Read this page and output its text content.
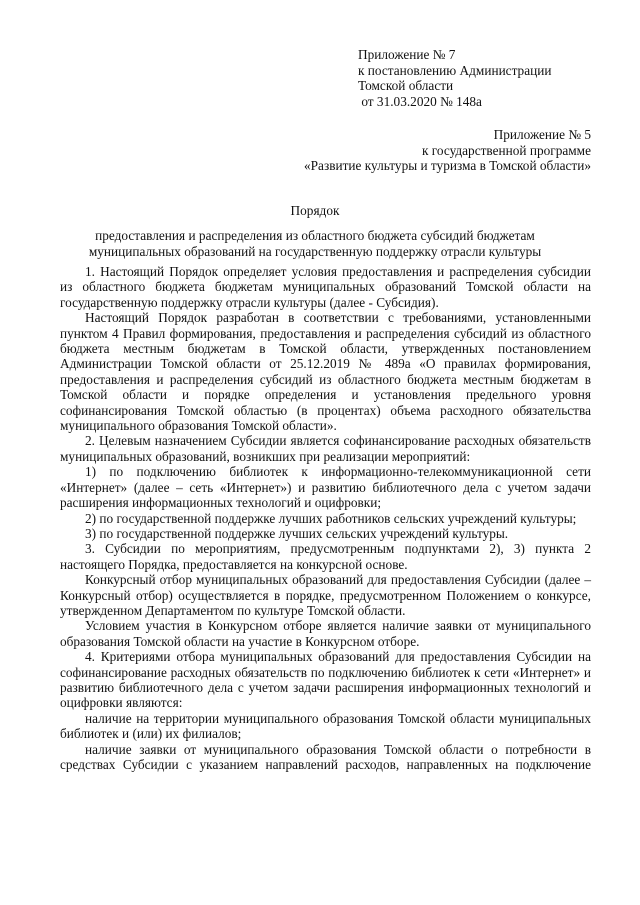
Приложение № 7
к постановлению Администрации
Томской области
от 31.03.2020 № 148а
Приложение № 5
к государственной программе
«Развитие культуры и туризма в Томской области»
Порядок
предоставления и распределения из областного бюджета субсидий бюджетам
муниципальных образований на государственную поддержку отрасли культуры

1. Настоящий Порядок определяет условия предоставления и распределения субсидии из областного бюджета бюджетам муниципальных образований Томской области на государственную поддержку отрасли культуры (далее - Субсидия).

Настоящий Порядок разработан в соответствии с требованиями, установленными пунктом 4 Правил формирования, предоставления и распределения субсидий из областного бюджета местным бюджетам в Томской области, утвержденных постановлением Администрации Томской области от 25.12.2019 № 489а «О правилах формирования, предоставления и распределения субсидий из областного бюджета местным бюджетам в Томской области и порядке определения и установления предельного уровня софинансирования Томской областью (в процентах) объема расходного обязательства муниципального образования Томской области».

2. Целевым назначением Субсидии является софинансирование расходных обязательств муниципальных образований, возникших при реализации мероприятий:

1) по подключению библиотек к информационно-телекоммуникационной сети «Интернет» (далее – сеть «Интернет») и развитию библиотечного дела с учетом задачи расширения информационных технологий и оцифровки;

2) по государственной поддержке лучших работников сельских учреждений культуры;

3) по государственной поддержке лучших сельских учреждений культуры.

3. Субсидии по мероприятиям, предусмотренным подпунктами 2), 3) пункта 2 настоящего Порядка, предоставляется на конкурсной основе.

Конкурсный отбор муниципальных образований для предоставления Субсидии (далее – Конкурсный отбор) осуществляется в порядке, предусмотренном Положением о конкурсе, утвержденном Департаментом по культуре Томской области.

Условием участия в Конкурсном отборе является наличие заявки от муниципального образования Томской области на участие в Конкурсном отборе.

4. Критериями отбора муниципальных образований для предоставления Субсидии на софинансирование расходных обязательств по подключению библиотек к сети «Интернет» и развитию библиотечного дела с учетом задачи расширения информационных технологий и оцифровки являются:

наличие на территории муниципального образования Томской области муниципальных библиотек и (или) их филиалов;

наличие заявки от муниципального образования Томской области о потребности в средствах Субсидии с указанием направлений расходов, направленных на подключение
